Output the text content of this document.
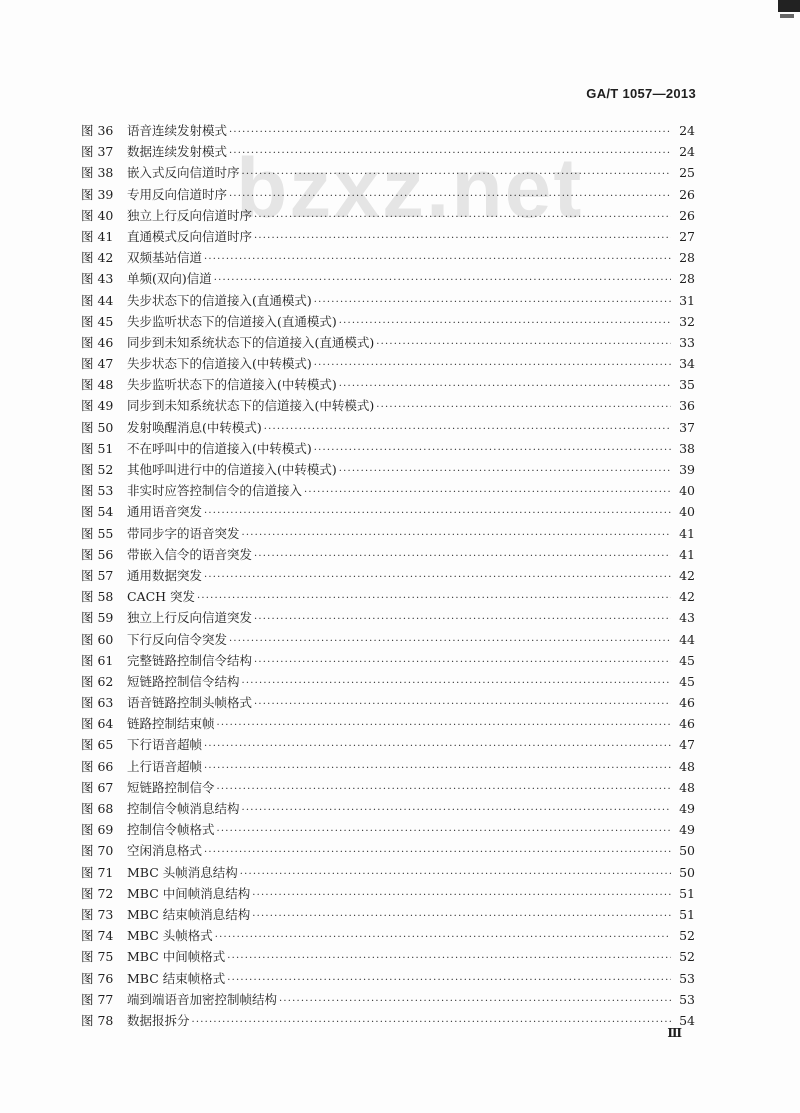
GA/T 1057—2013
bzxz.net
图 36	语音连续发射模式 ·····	24
图 37	数据连续发射模式 ·····	24
图 38	嵌入式反向信道时序 ·····	25
图 39	专用反向信道时序 ·····	26
图 40	独立上行反向信道时序 ·····	26
图 41	直通模式反向信道时序 ·····	27
图 42	双频基站信道 ·····	28
图 43	单频(双向)信道 ·····	28
图 44	失步状态下的信道接入(直通模式) ·····	31
图 45	失步监听状态下的信道接入(直通模式) ·····	32
图 46	同步到未知系统状态下的信道接入(直通模式) ·····	33
图 47	失步状态下的信道接入(中转模式) ·····	34
图 48	失步监听状态下的信道接入(中转模式) ·····	35
图 49	同步到未知系统状态下的信道接入(中转模式) ·····	36
图 50	发射唤醒消息(中转模式) ·····	37
图 51	不在呼叫中的信道接入(中转模式) ·····	38
图 52	其他呼叫进行中的信道接入(中转模式) ·····	39
图 53	非实时应答控制信令的信道接入 ·····	40
图 54	通用语音突发 ·····	40
图 55	带同步字的语音突发 ·····	41
图 56	带嵌入信令的语音突发 ·····	41
图 57	通用数据突发 ·····	42
图 58	CACH 突发 ·····	42
图 59	独立上行反向信道突发 ·····	43
图 60	下行反向信令突发 ·····	44
图 61	完整链路控制信令结构 ·····	45
图 62	短链路控制信令结构 ·····	45
图 63	语音链路控制头帧格式 ·····	46
图 64	链路控制结束帧 ·····	46
图 65	下行语音超帧 ·····	47
图 66	上行语音超帧 ·····	48
图 67	短链路控制信令 ·····	48
图 68	控制信令帧消息结构 ·····	49
图 69	控制信令帧格式 ·····	49
图 70	空闲消息格式 ·····	50
图 71	MBC 头帧消息结构 ·····	50
图 72	MBC 中间帧消息结构 ·····	51
图 73	MBC 结束帧消息结构 ·····	51
图 74	MBC 头帧格式 ·····	52
图 75	MBC 中间帧格式 ·····	52
图 76	MBC 结束帧格式 ·····	53
图 77	端到端语音加密控制帧结构 ·····	53
图 78	数据报拆分 ·····	54
Ⅲ
